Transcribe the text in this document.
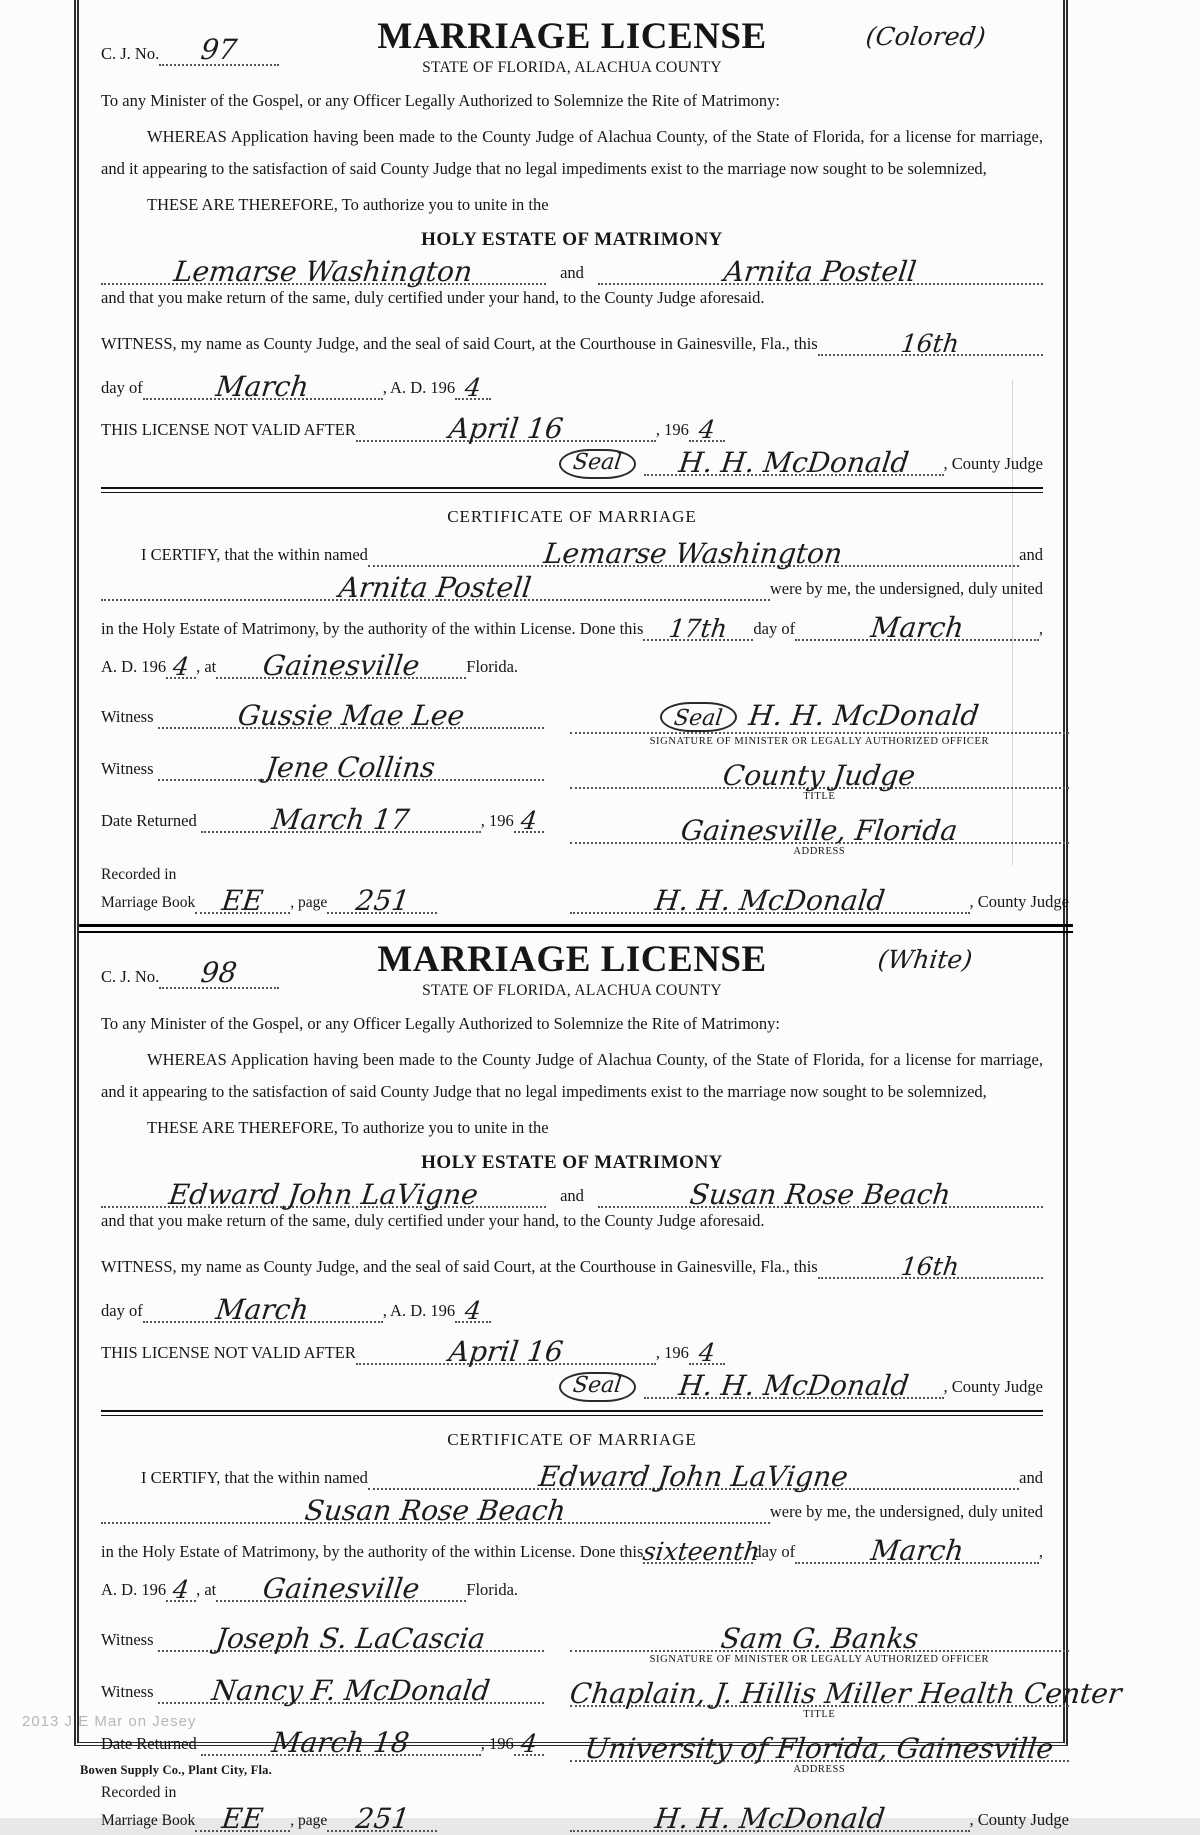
C. J. No.	97	MARRIAGE LICENSE
STATE OF FLORIDA, ALACHUA COUNTY
(Colored)
To any Minister of the Gospel, or any Officer Legally Authorized to Solemnize the Rite of Matrimony:

WHEREAS Application having been made to the County Judge of Alachua County, of the State of Florida, for a license for marriage, and it appearing to the satisfaction of said County Judge that no legal impediments exist to the marriage now sought to be solemnized,

THESE ARE THEREFORE, To authorize you to unite in the
HOLY ESTATE OF MATRIMONY
Lemarse Washington	and	Arnita Postell
and that you make return of the same, duly certified under your hand, to the County Judge aforesaid.
WITNESS, my name as County Judge, and the seal of said Court, at the Courthouse in Gainesville, Fla., this	16th
day of	March	, A. D. 196 4
THIS LICENSE NOT VALID AFTER	April 16	, 196 4
Seal	H. H. McDonald	, County Judge
CERTIFICATE OF MARRIAGE
I CERTIFY, that the within named	Lemarse Washington	and
Arnita Postell	were by me, the undersigned, duly united
in the Holy Estate of Matrimony, by the authority of the within License. Done this 17th	day of	March	,
A. D. 196 4 , at	Gainesville	Florida.
Witness	Gussie Mae Lee
Witness	Jene Collins
Date Returned	March 17	, 196 4
Seal H. H. McDonald
SIGNATURE OF MINISTER OR LEGALLY AUTHORIZED OFFICER
County Judge
TITLE
Gainesville, Florida
ADDRESS
Recorded in
Marriage Book EE	, page 251	H. H. McDonald	, County Judge
C. J. No.	98	MARRIAGE LICENSE
STATE OF FLORIDA, ALACHUA COUNTY
(White)
To any Minister of the Gospel, or any Officer Legally Authorized to Solemnize the Rite of Matrimony:

WHEREAS Application having been made to the County Judge of Alachua County, of the State of Florida, for a license for marriage, and it appearing to the satisfaction of said County Judge that no legal impediments exist to the marriage now sought to be solemnized,

THESE ARE THEREFORE, To authorize you to unite in the
HOLY ESTATE OF MATRIMONY
Edward John LaVigne	and	Susan Rose Beach
and that you make return of the same, duly certified under your hand, to the County Judge aforesaid.
WITNESS, my name as County Judge, and the seal of said Court, at the Courthouse in Gainesville, Fla., this	16th
day of	March	, A. D. 196 4
THIS LICENSE NOT VALID AFTER	April 16	, 196 4
Seal	H. H. McDonald	, County Judge
CERTIFICATE OF MARRIAGE
I CERTIFY, that the within named	Edward John LaVigne	and
Susan Rose Beach	were by me, the undersigned, duly united
in the Holy Estate of Matrimony, by the authority of the within License. Done this
sixteenth
day of	March	,
A. D. 196 4 , at	Gainesville	Florida.
Witness	Joseph S. LaCascia
Witness	Nancy F. McDonald
Date Returned	March 18	, 196 4
Sam G. Banks
SIGNATURE OF MINISTER OR LEGALLY AUTHORIZED OFFICER
Chaplain, J. Hillis Miller Health Center
TITLE
University of Florida, Gainesville
ADDRESS
Recorded in
Marriage Book EE	, page 251	H. H. McDonald	, County Judge
2013 J E Mar on Jesey
Bowen Supply Co., Plant City, Fla.
